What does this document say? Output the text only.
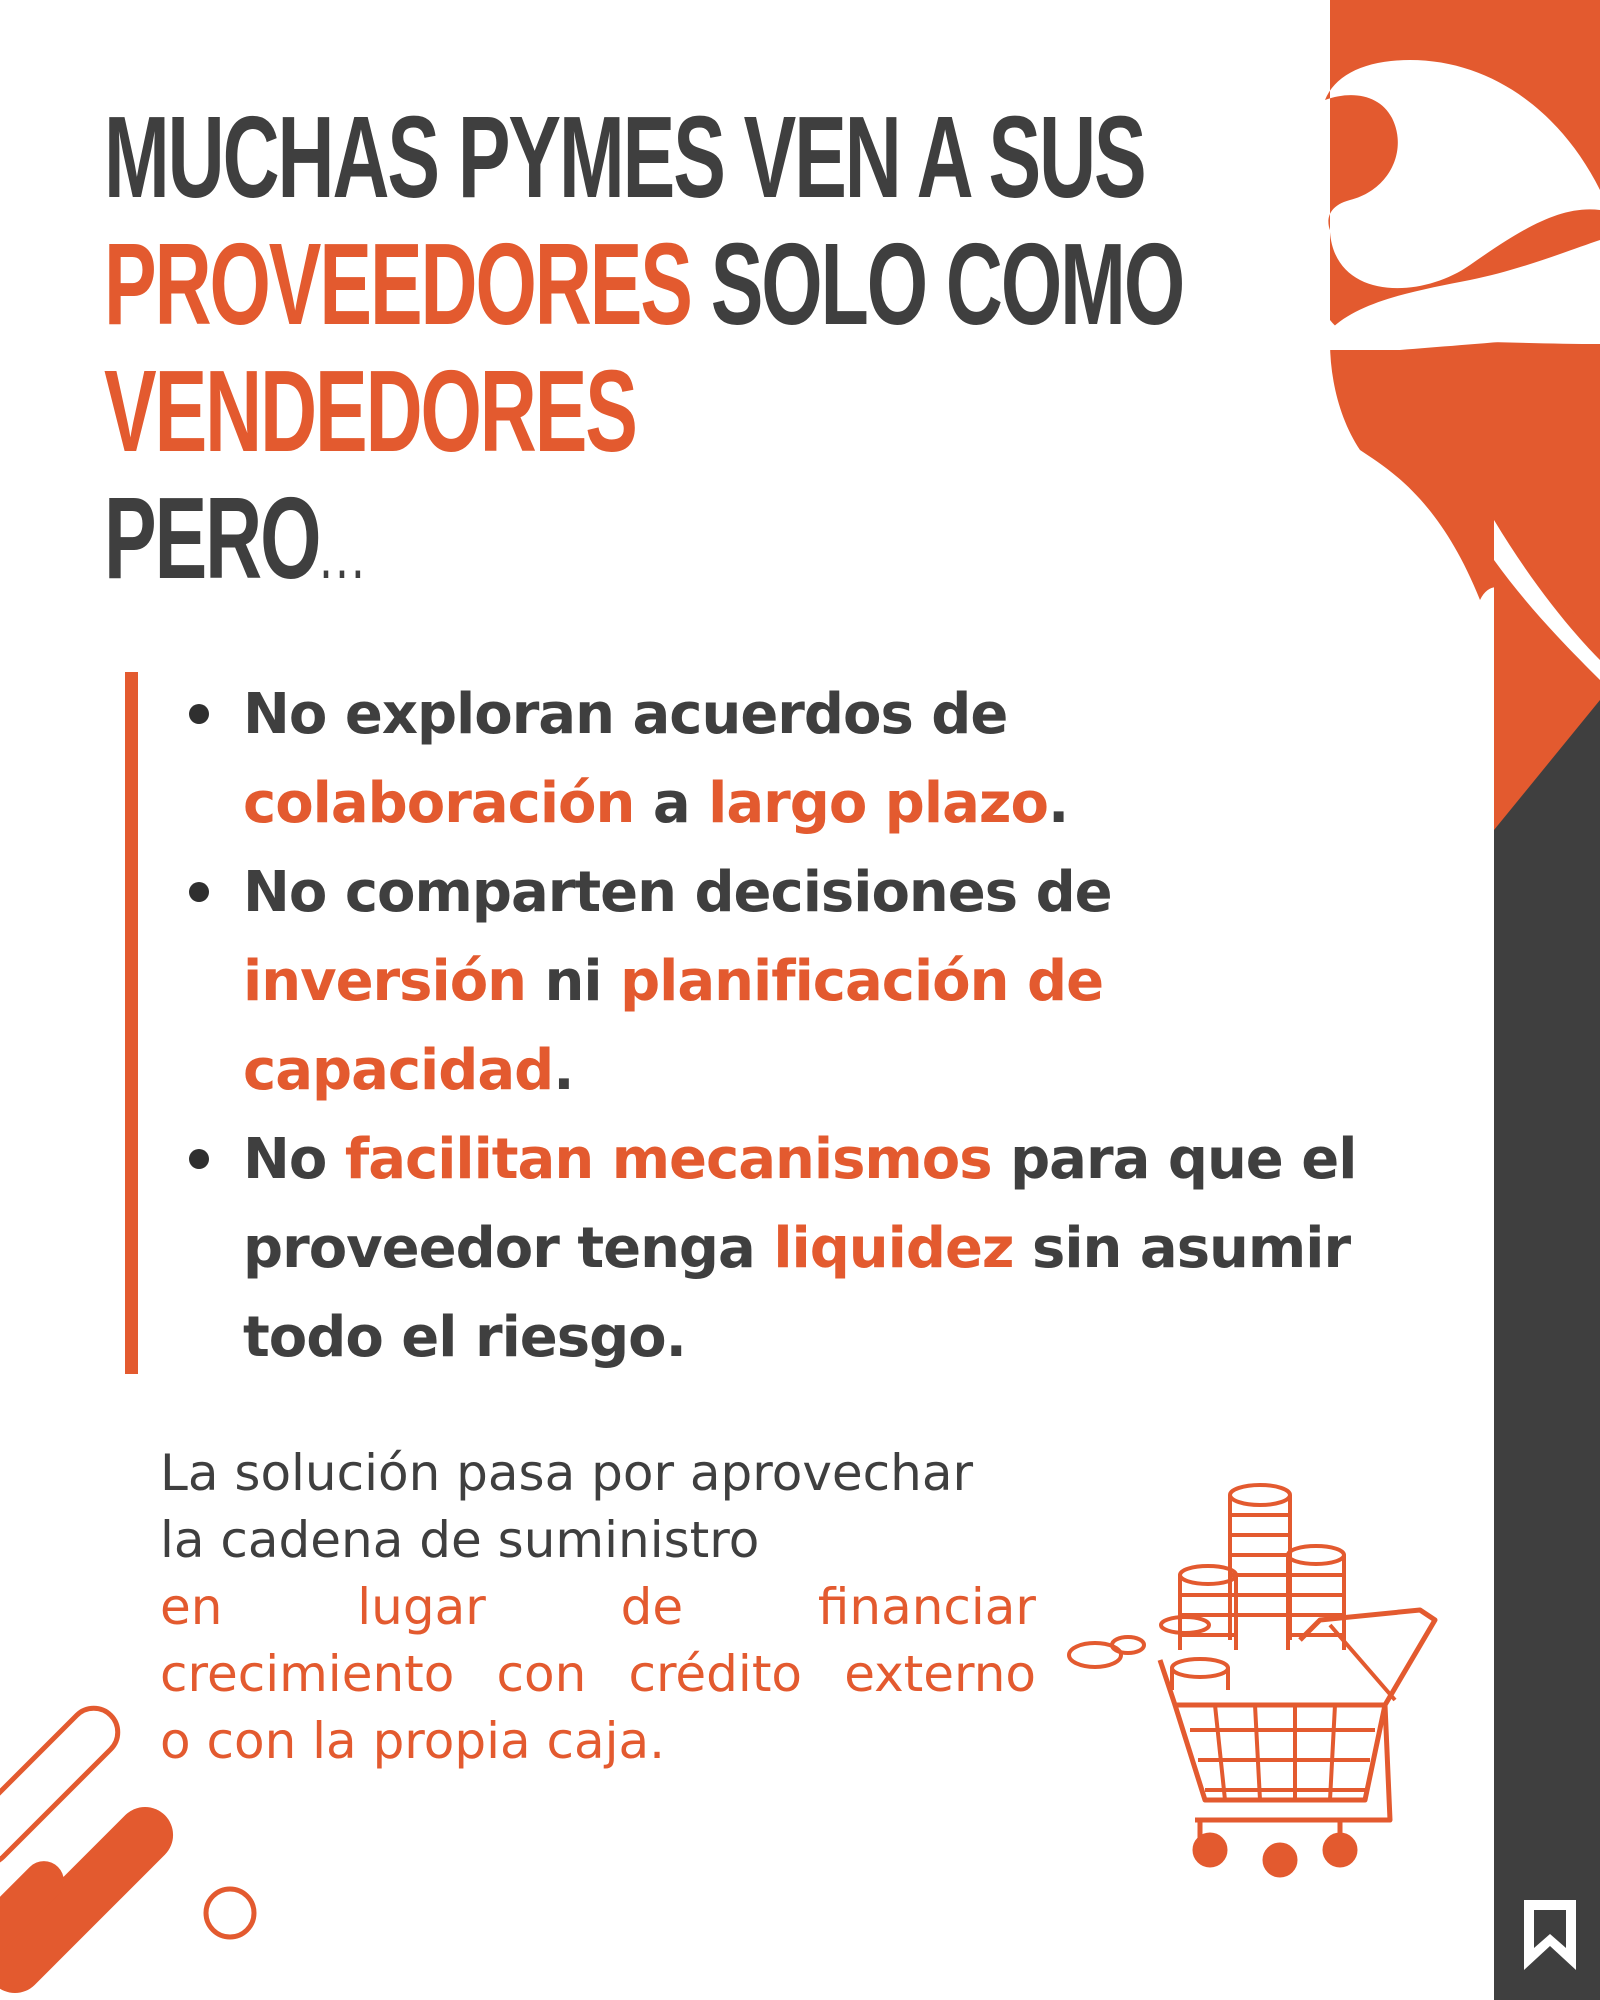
MUCHAS PYMES VEN A SUS
PROVEEDORES SOLO COMO
VENDEDORES
PERO...
No exploran acuerdos de colaboración a largo plazo.
No comparten decisiones de inversión ni planificación de capacidad.
No facilitan mecanismos para que el proveedor tenga liquidez sin asumir todo el riesgo.
La solución pasa por aprovechar
la cadena de suministro
en lugar de financiar
crecimiento con crédito externo
o con la propia caja.
